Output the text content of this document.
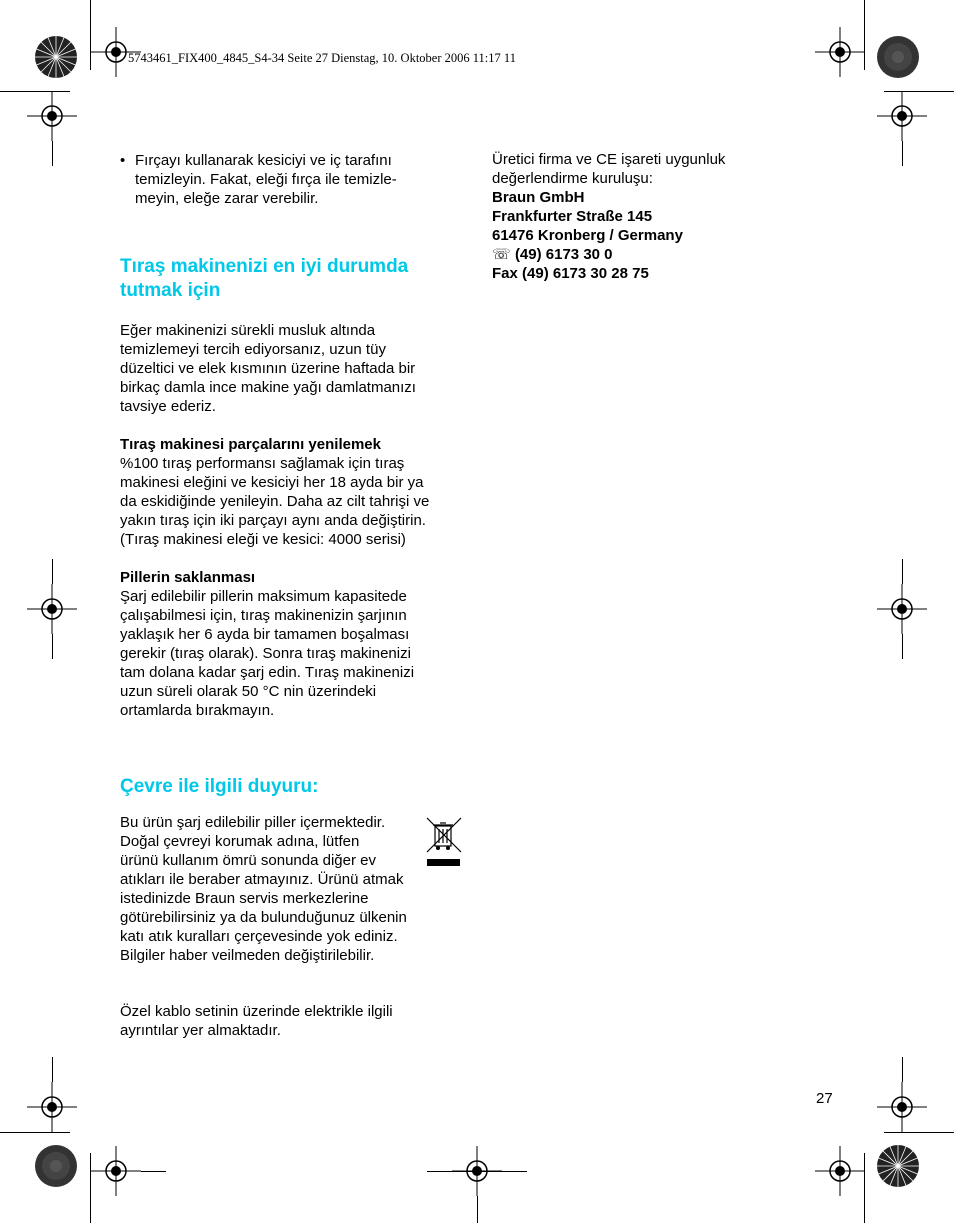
5743461_FIX400_4845_S4-34 Seite 27 Dienstag, 10. Oktober 2006 11:17 11
• Fırçayı kullanarak kesiciyi ve iç tarafını
temizleyin. Fakat, eleği fırça ile temizle-
meyin, eleğe zarar verebilir.
Tıraş makinenizi en iyi durumda
tutmak için
Eğer makinenizi sürekli musluk altında
temizlemeyi tercih ediyorsanız, uzun tüy
düzeltici ve elek kısmının üzerine haftada bir
birkaç damla ince makine yağı damlatmanızı
tavsiye ederiz.
Tıraş makinesi parçalarını yenilemek
%100 tıraş performansı sağlamak için tıraş
makinesi eleğini ve kesiciyi her 18 ayda bir ya
da eskidiğinde yenileyin. Daha az cilt tahrişi ve
yakın tıraş için iki parçayı aynı anda değiştirin.
(Tıraş makinesi eleği ve kesici: 4000 serisi)
Pillerin saklanması
Şarj edilebilir pillerin maksimum kapasitede
çalışabilmesi için, tıraş makinenizin şarjının
yaklaşık her 6 ayda bir tamamen boşalması
gerekir (tıraş olarak). Sonra tıraş makinenizi
tam dolana kadar şarj edin. Tıraş makinenizi
uzun süreli olarak 50 °C nin üzerindeki
ortamlarda bırakmayın.
Çevre ile ilgili duyuru:
Bu ürün şarj edilebilir piller içermektedir.
Doğal çevreyi korumak adına, lütfen
ürünü kullanım ömrü sonunda diğer ev
atıkları ile beraber atmayınız. Ürünü atmak
istedinizde Braun servis merkezlerine
götürebilirsiniz ya da bulunduğunuz ülkenin
katı atık kuralları çerçevesinde yok ediniz.
Bilgiler haber veilmeden değiştirilebilir.
Özel kablo setinin üzerinde elektrikle ilgili
ayrıntılar yer almaktadır.
Üretici firma ve CE işareti uygunluk
değerlendirme kuruluşu:
Braun GmbH
Frankfurter Straße 145
61476 Kronberg / Germany
☏ (49) 6173 30 0
Fax (49) 6173 30 28 75
27
